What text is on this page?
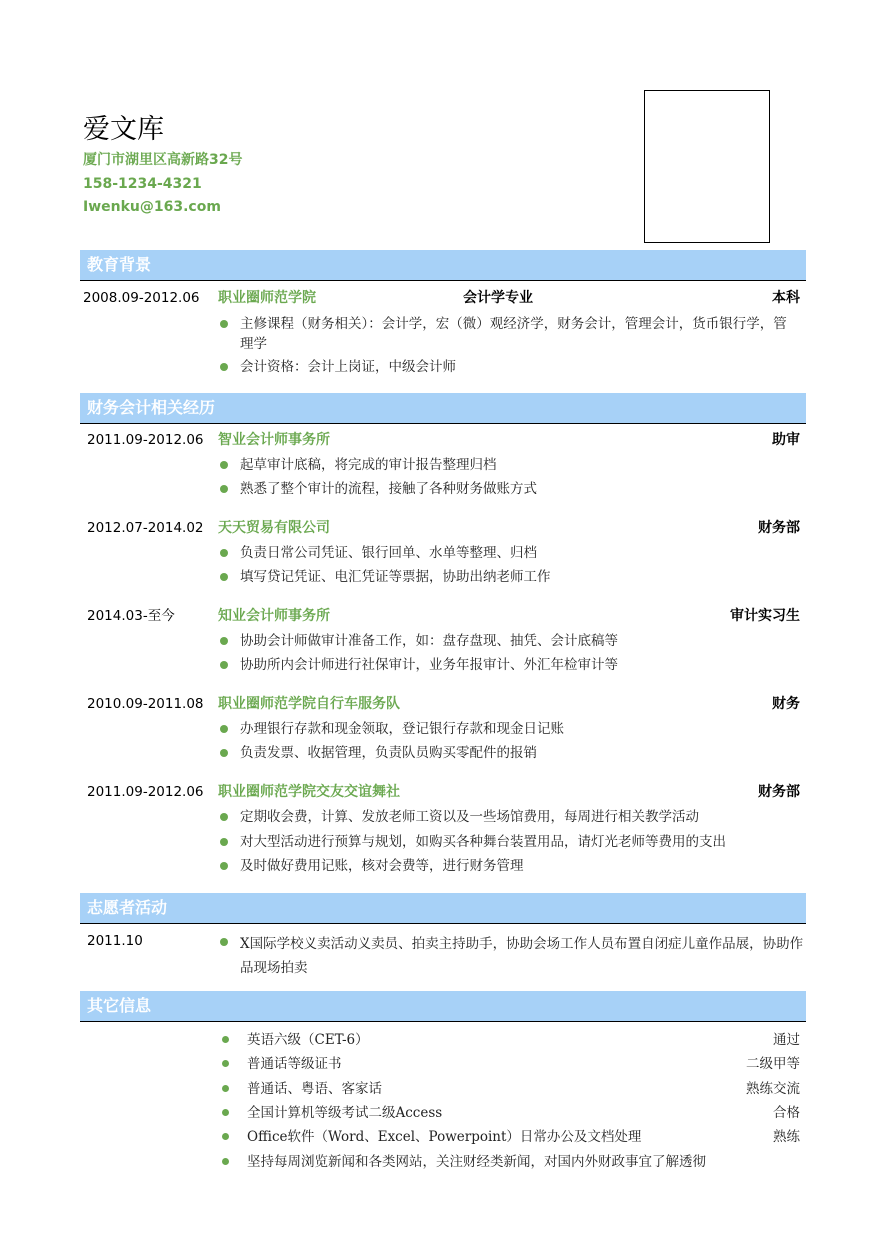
爱文库
厦门市湖里区高新路32号
158-1234-4321
Iwenku@163.com
教育背景
2008.09-2012.06 职业圈师范学院	会计学专业	本科
主修课程（财务相关）：会计学，宏（微）观经济学，财务会计，管理会计，货币银行学，管理学
会计资格：会计上岗证，中级会计师
财务会计相关经历
2011.09-2012.06 智业会计师事务所	助审
起草审计底稿，将完成的审计报告整理归档
熟悉了整个审计的流程，接触了各种财务做账方式
2012.07-2014.02 天天贸易有限公司	财务部
负责日常公司凭证、银行回单、水单等整理、归档
填写贷记凭证、电汇凭证等票据，协助出纳老师工作
2014.03-至今	知业会计师事务所	审计实习生
协助会计师做审计准备工作，如：盘存盘现、抽凭、会计底稿等
协助所内会计师进行社保审计，业务年报审计、外汇年检审计等
2010.09-2011.08 职业圈师范学院自行车服务队	财务
办理银行存款和现金领取，登记银行存款和现金日记账
负责发票、收据管理，负责队员购买零配件的报销
2011.09-2012.06 职业圈师范学院交友交谊舞社	财务部
定期收会费，计算、发放老师工资以及一些场馆费用，每周进行相关教学活动
对大型活动进行预算与规划，如购买各种舞台装置用品，请灯光老师等费用的支出
及时做好费用记账，核对会费等，进行财务管理
志愿者活动
2011.10	X国际学校义卖活动义卖员、拍卖主持助手，协助会场工作人员布置自闭症儿童作品展，协助作品现场拍卖
其它信息
英语六级（CET-6）	通过
普通话等级证书	二级甲等
普通话、粤语、客家话	熟练交流
全国计算机等级考试二级Access	合格
Office软件（Word、Excel、Powerpoint）日常办公及文档处理	熟练
坚持每周浏览新闻和各类网站，关注财经类新闻，对国内外财政事宜了解透彻
